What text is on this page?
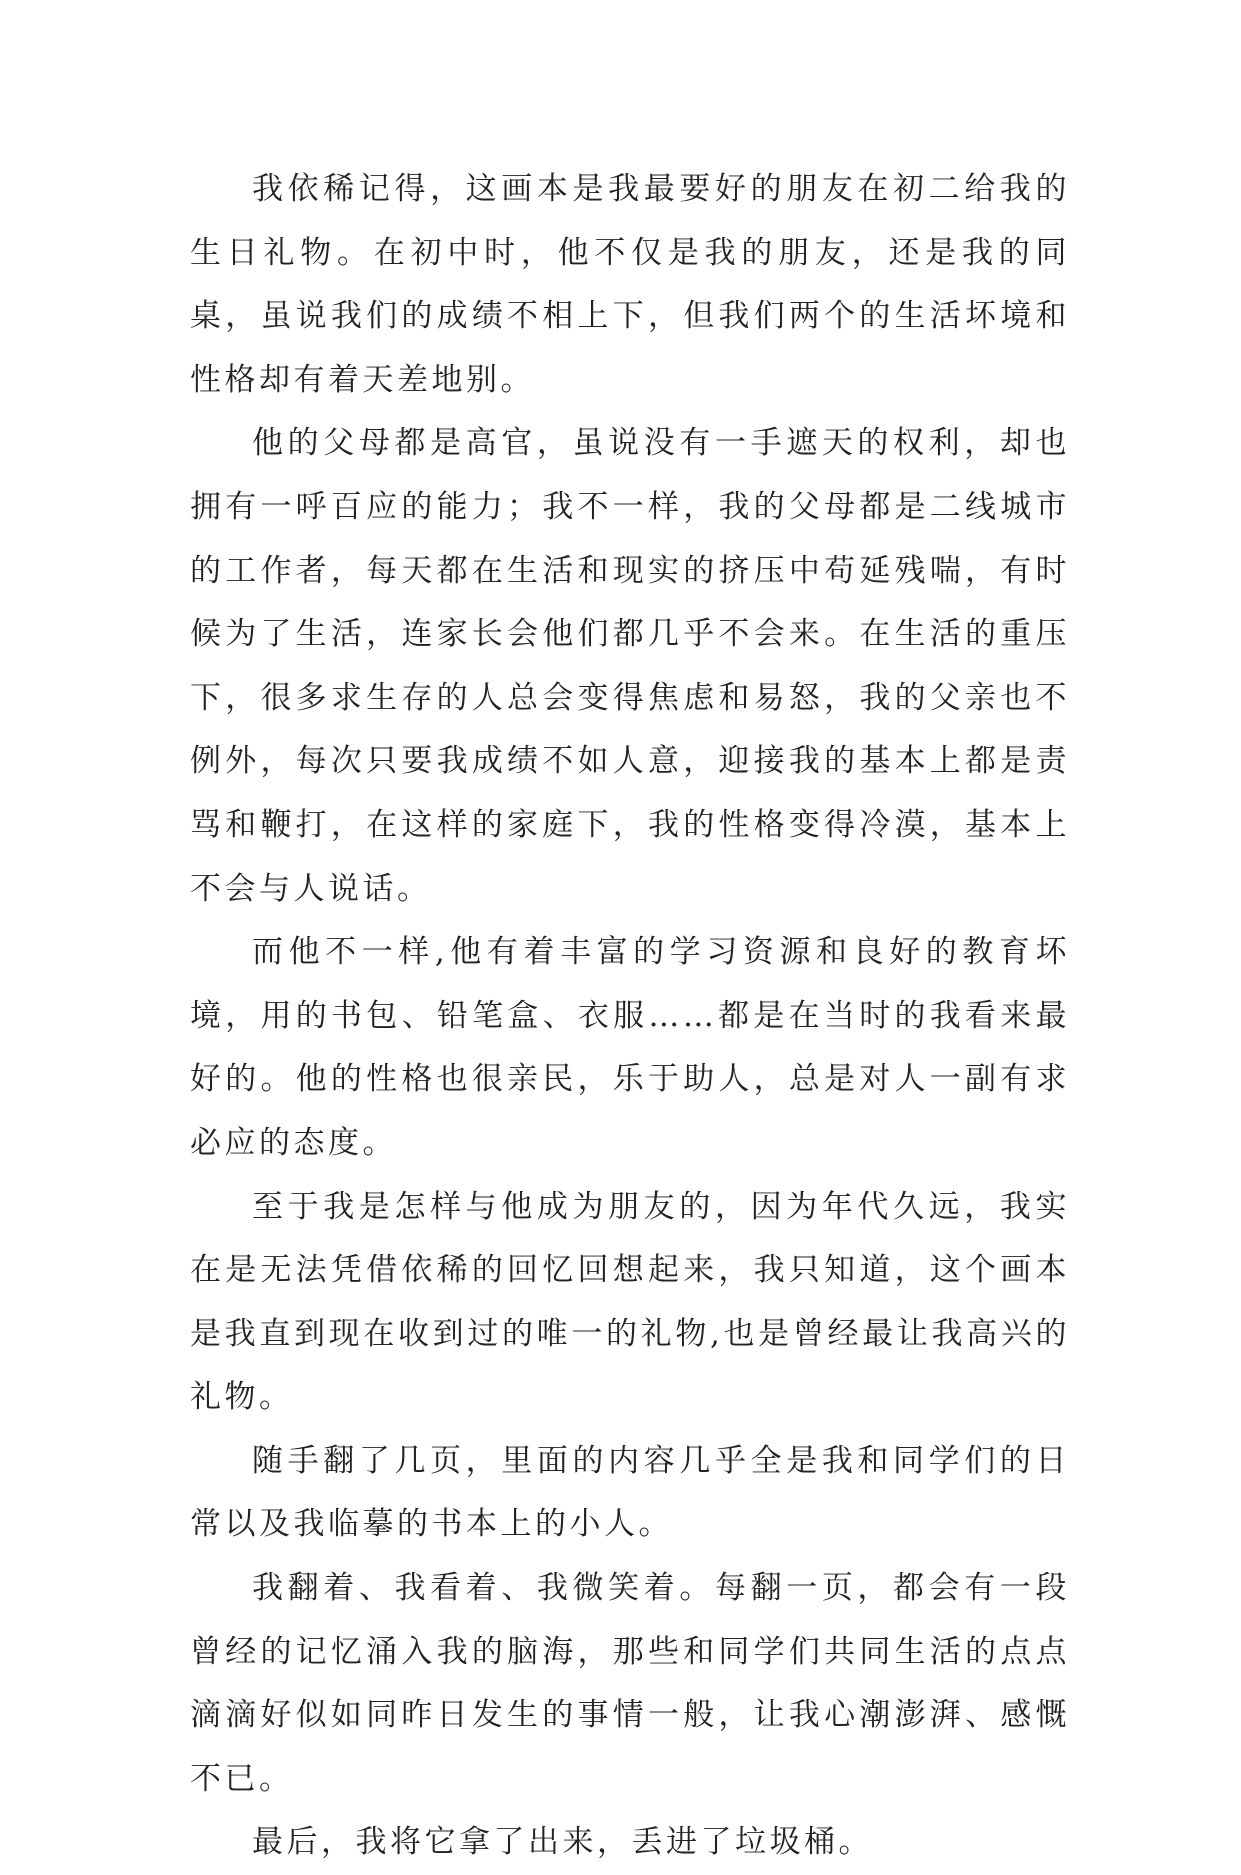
我依稀记得，这画本是我最要好的朋友在初二给我的生日礼物。在初中时，他不仅是我的朋友，还是我的同桌，虽说我们的成绩不相上下，但我们两个的生活坏境和性格却有着天差地别。

他的父母都是高官，虽说没有一手遮天的权利，却也拥有一呼百应的能力；我不一样，我的父母都是二线城市的工作者，每天都在生活和现实的挤压中苟延残喘，有时候为了生活，连家长会他们都几乎不会来。在生活的重压下，很多求生存的人总会变得焦虑和易怒，我的父亲也不例外，每次只要我成绩不如人意，迎接我的基本上都是责骂和鞭打，在这样的家庭下，我的性格变得冷漠，基本上不会与人说话。

而他不一样,他有着丰富的学习资源和良好的教育坏境，用的书包、铅笔盒、衣服……都是在当时的我看来最好的。他的性格也很亲民，乐于助人，总是对人一副有求必应的态度。

至于我是怎样与他成为朋友的，因为年代久远，我实在是无法凭借依稀的回忆回想起来，我只知道，这个画本是我直到现在收到过的唯一的礼物,也是曾经最让我高兴的礼物。

随手翻了几页，里面的内容几乎全是我和同学们的日常以及我临摹的书本上的小人。

我翻着、我看着、我微笑着。每翻一页，都会有一段曾经的记忆涌入我的脑海，那些和同学们共同生活的点点滴滴好似如同昨日发生的事情一般，让我心潮澎湃、感慨不已。

最后，我将它拿了出来，丢进了垃圾桶。
